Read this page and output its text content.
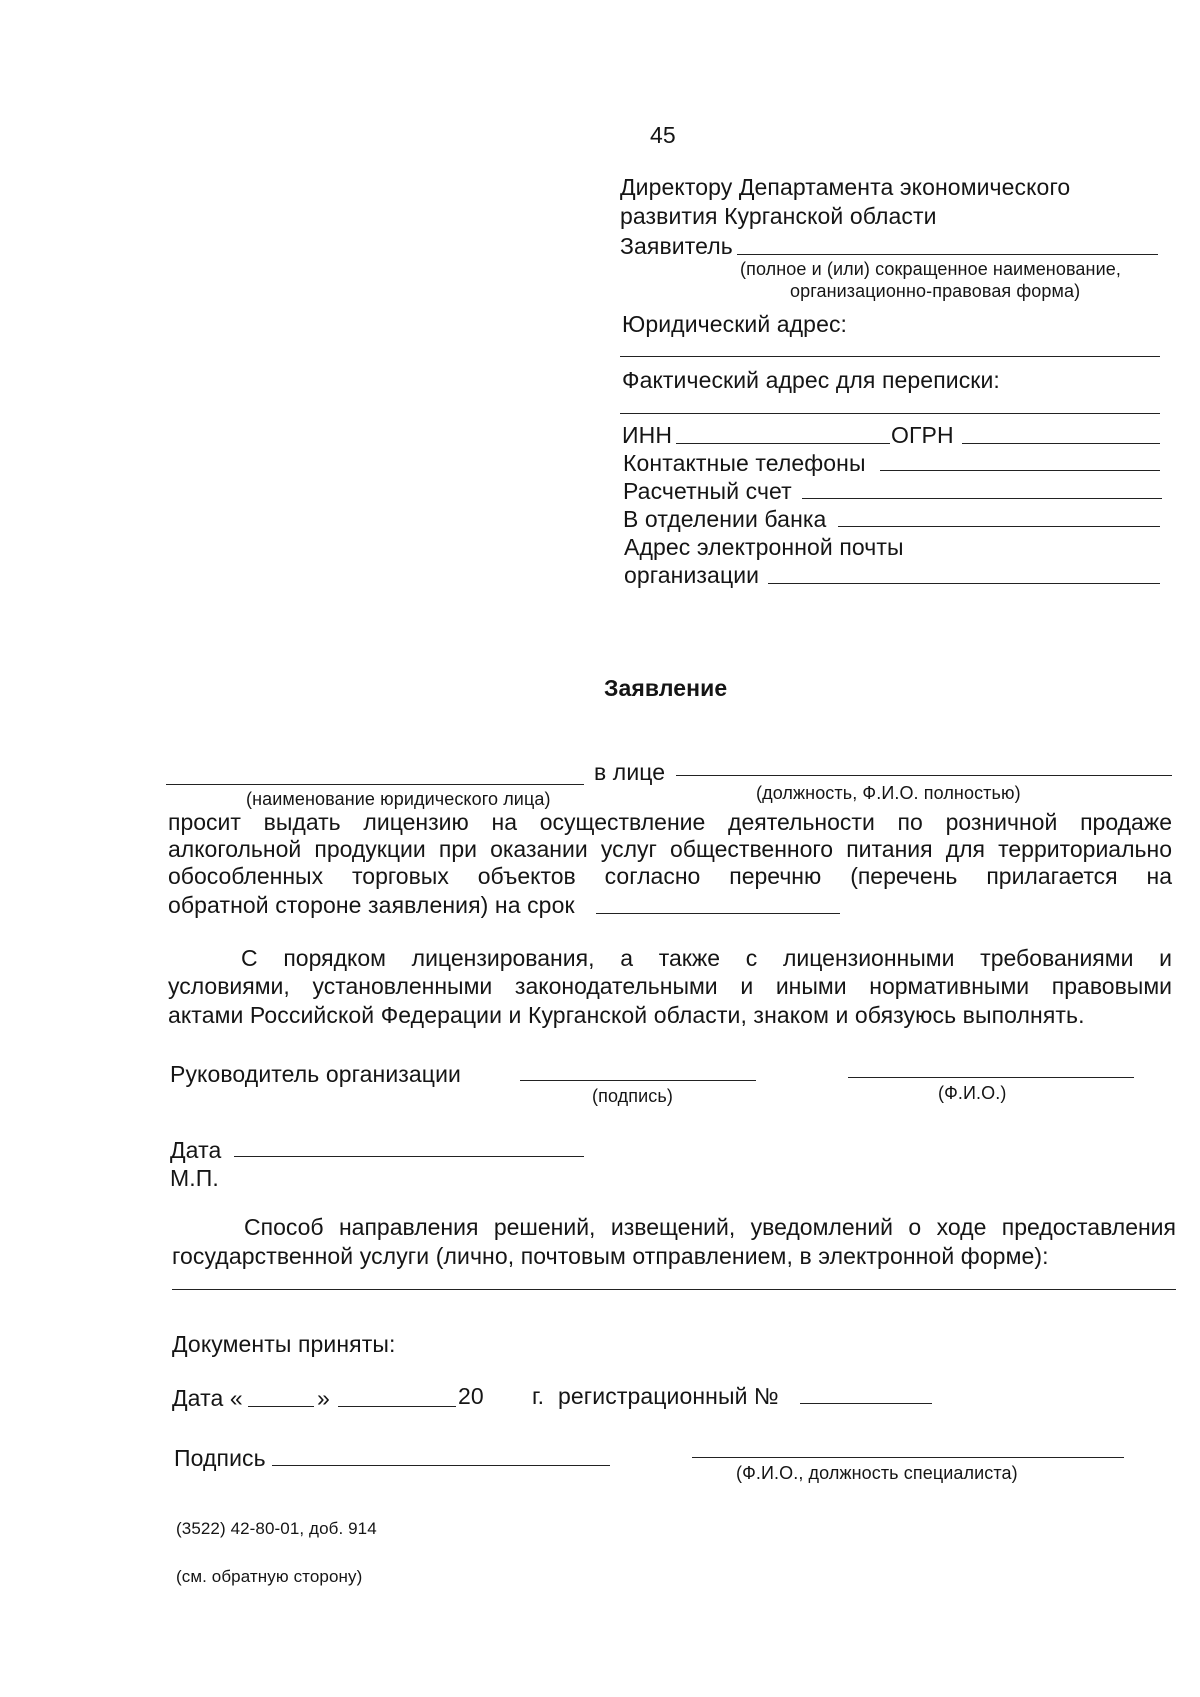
45
Директору Департамента экономического
развития Курганской области
Заявитель
(полное и (или) сокращенное наименование,
организационно-правовая форма)
Юридический адрес:
Фактический адрес для переписки:
ИНН	ОГРН
Контактные телефоны
Расчетный счет
В отделении банка
Адрес электронной почты
организации
Заявление
в лице
(наименование юридического лица)	(должность, Ф.И.О. полностью)
просит выдать лицензию на осуществление деятельности по розничной продаже
алкогольной продукции при оказании услуг общественного питания для территориально
обособленных торговых объектов согласно перечню (перечень прилагается на
обратной стороне заявления) на срок
С порядком лицензирования, а также с лицензионными требованиями и
условиями, установленными законодательными и иными нормативными правовыми
актами Российской Федерации и Курганской области, знаком и обязуюсь выполнять.
Руководитель организации
(подпись)	(Ф.И.О.)
Дата
М.П.
Способ направления решений, извещений, уведомлений о ходе предоставления
государственной услуги (лично, почтовым отправлением, в электронной форме):
Документы приняты:
Дата «	»	20 г. регистрационный №
Подпись
(Ф.И.О., должность специалиста)
(3522) 42-80-01, доб. 914
(см. обратную сторону)
